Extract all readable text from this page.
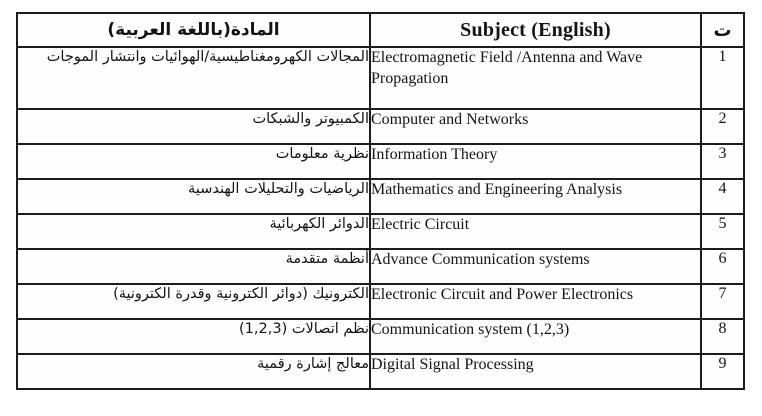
المادة(باللغة العربية)	Subject (English)	ت
المجالات الكهرومغناطيسية/الهوائيات وانتشار الموجات	Electromagnetic Field /Antenna and Wave Propagation	1
الكمبيوتر والشبكات	Computer and Networks	2
نظرية معلومات	Information Theory	3
الرياضيات والتحليلات الهندسية	Mathematics and Engineering Analysis	4
الدوائر الكهربائية	Electric Circuit	5
أنظمة متقدمة	Advance Communication systems	6
الكترونيك (دوائر الكترونية وقدرة الكترونية)	Electronic Circuit and Power Electronics	7
نظم اتصالات (1,2,3)	Communication system (1,2,3)	8
معالج إشارة رقمية	Digital Signal Processing	9
